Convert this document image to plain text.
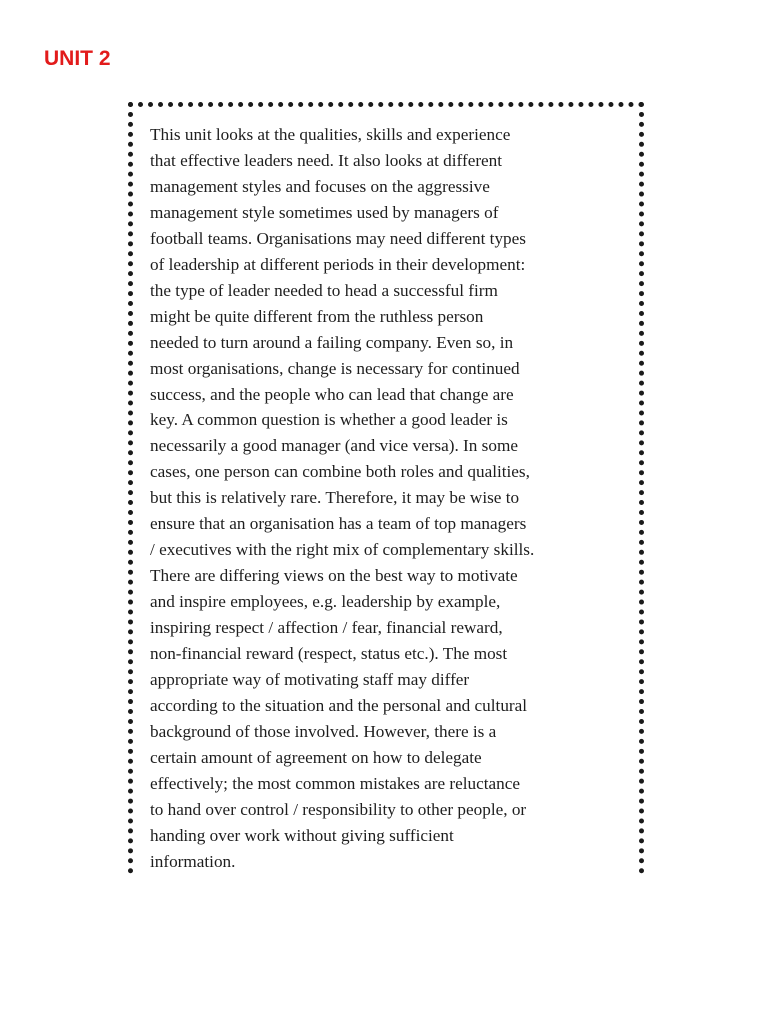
UNIT 2

This unit looks at the qualities, skills and experience
that effective leaders need. It also looks at different
management styles and focuses on the aggressive
management style sometimes used by managers of
football teams. Organisations may need different types
of leadership at different periods in their development:
the type of leader needed to head a successful firm
might be quite different from the ruthless person
needed to turn around a failing company. Even so, in
most organisations, change is necessary for continued
success, and the people who can lead that change are
key. A common question is whether a good leader is
necessarily a good manager (and vice versa). In some
cases, one person can combine both roles and qualities,
but this is relatively rare. Therefore, it may be wise to
ensure that an organisation has a team of top managers
/ executives with the right mix of complementary skills.
There are differing views on the best way to motivate
and inspire employees, e.g. leadership by example,
inspiring respect / affection / fear, financial reward,
non-financial reward (respect, status etc.). The most
appropriate way of motivating staff may differ
according to the situation and the personal and cultural
background of those involved. However, there is a
certain amount of agreement on how to delegate
effectively; the most common mistakes are reluctance
to hand over control / responsibility to other people, or
handing over work without giving sufficient
information.
